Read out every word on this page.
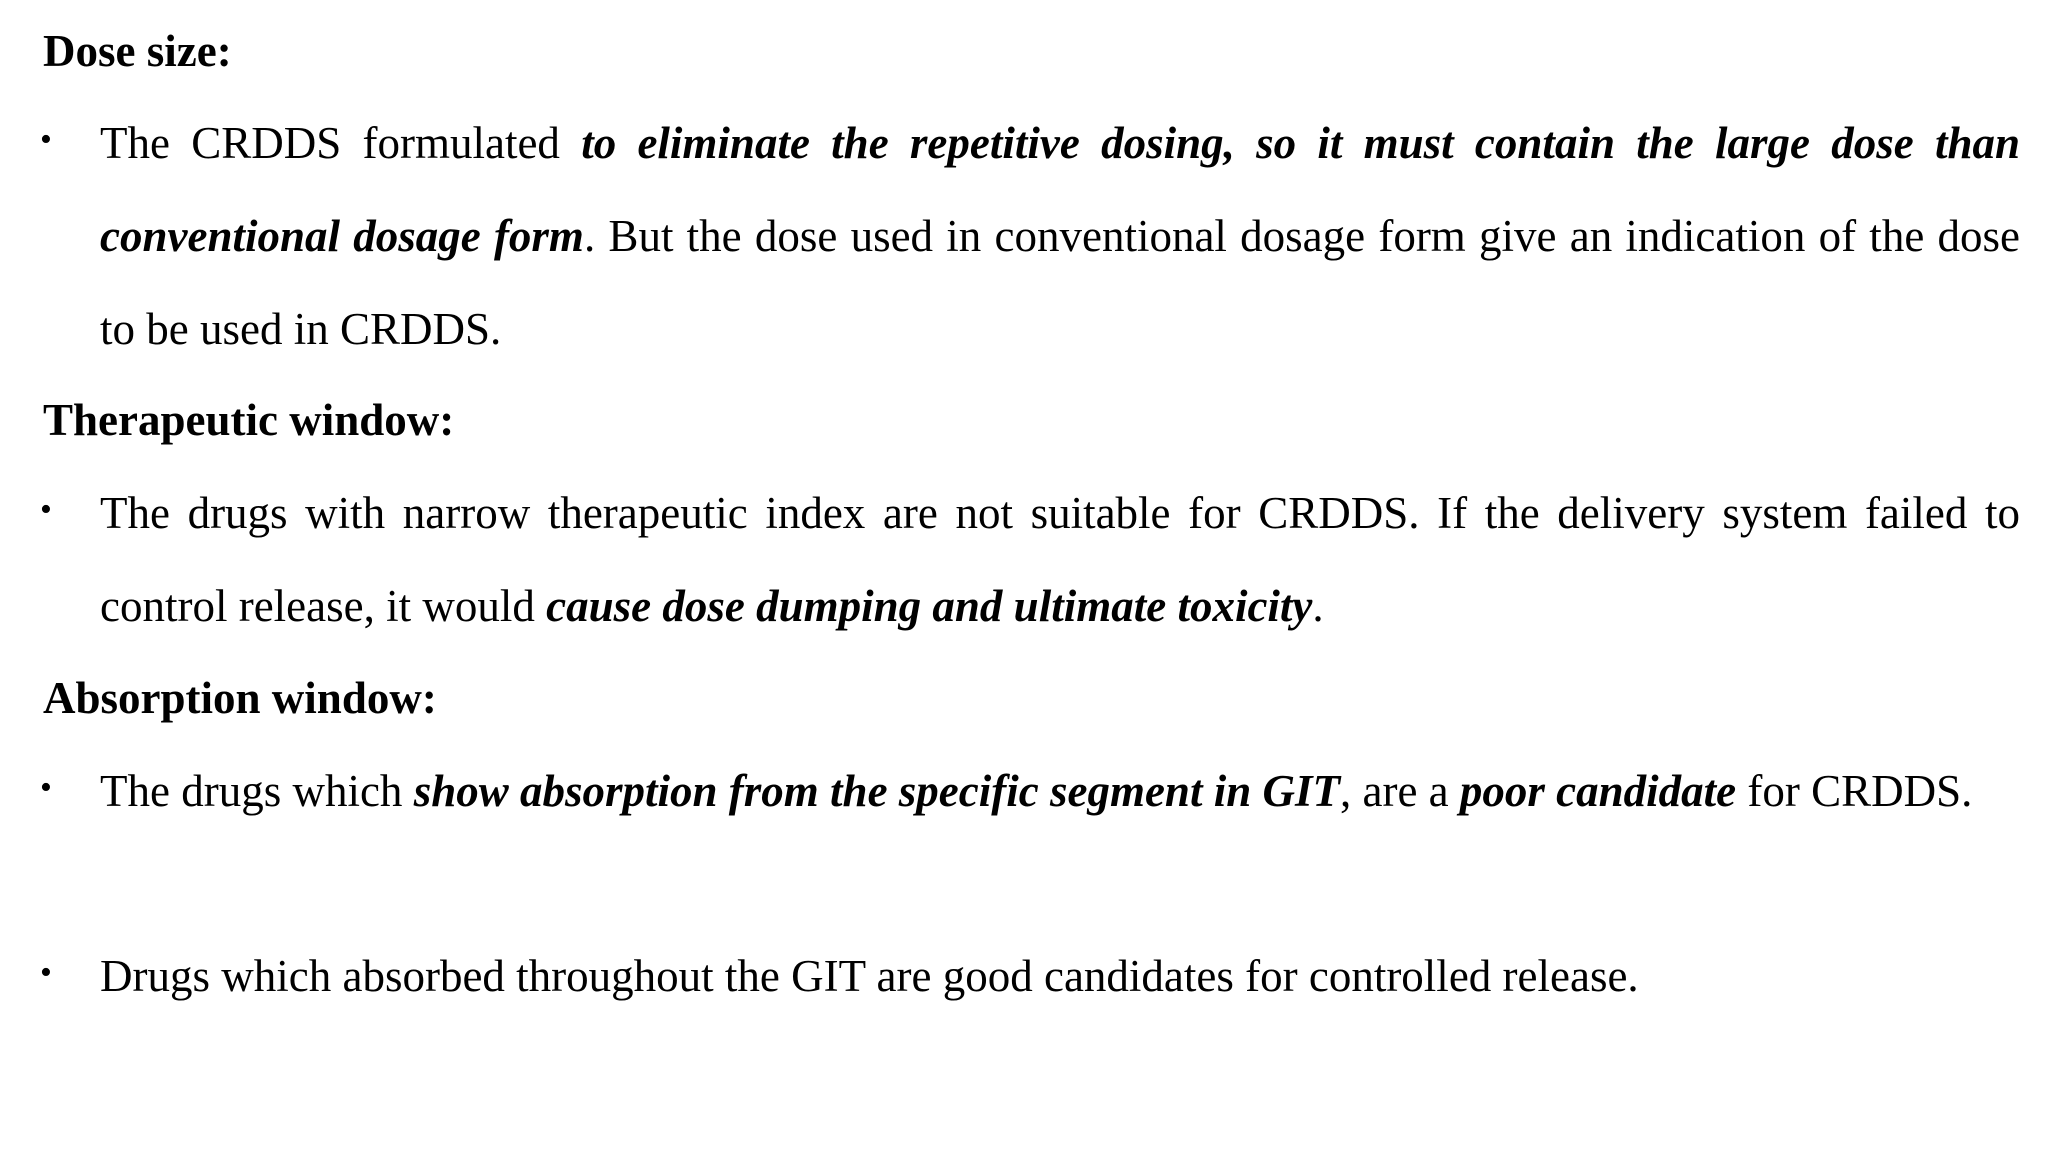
Dose size:
• The CRDDS formulated to eliminate the repetitive dosing, so it must contain the large dose than conventional dosage form. But the dose used in conventional dosage form give an indication of the dose to be used in CRDDS.
Therapeutic window:
• The drugs with narrow therapeutic index are not suitable for CRDDS. If the delivery system failed to control release, it would cause dose dumping and ultimate toxicity.
Absorption window:
• The drugs which show absorption from the specific segment in GIT, are a poor candidate for CRDDS.
• Drugs which absorbed throughout the GIT are good candidates for controlled release.
